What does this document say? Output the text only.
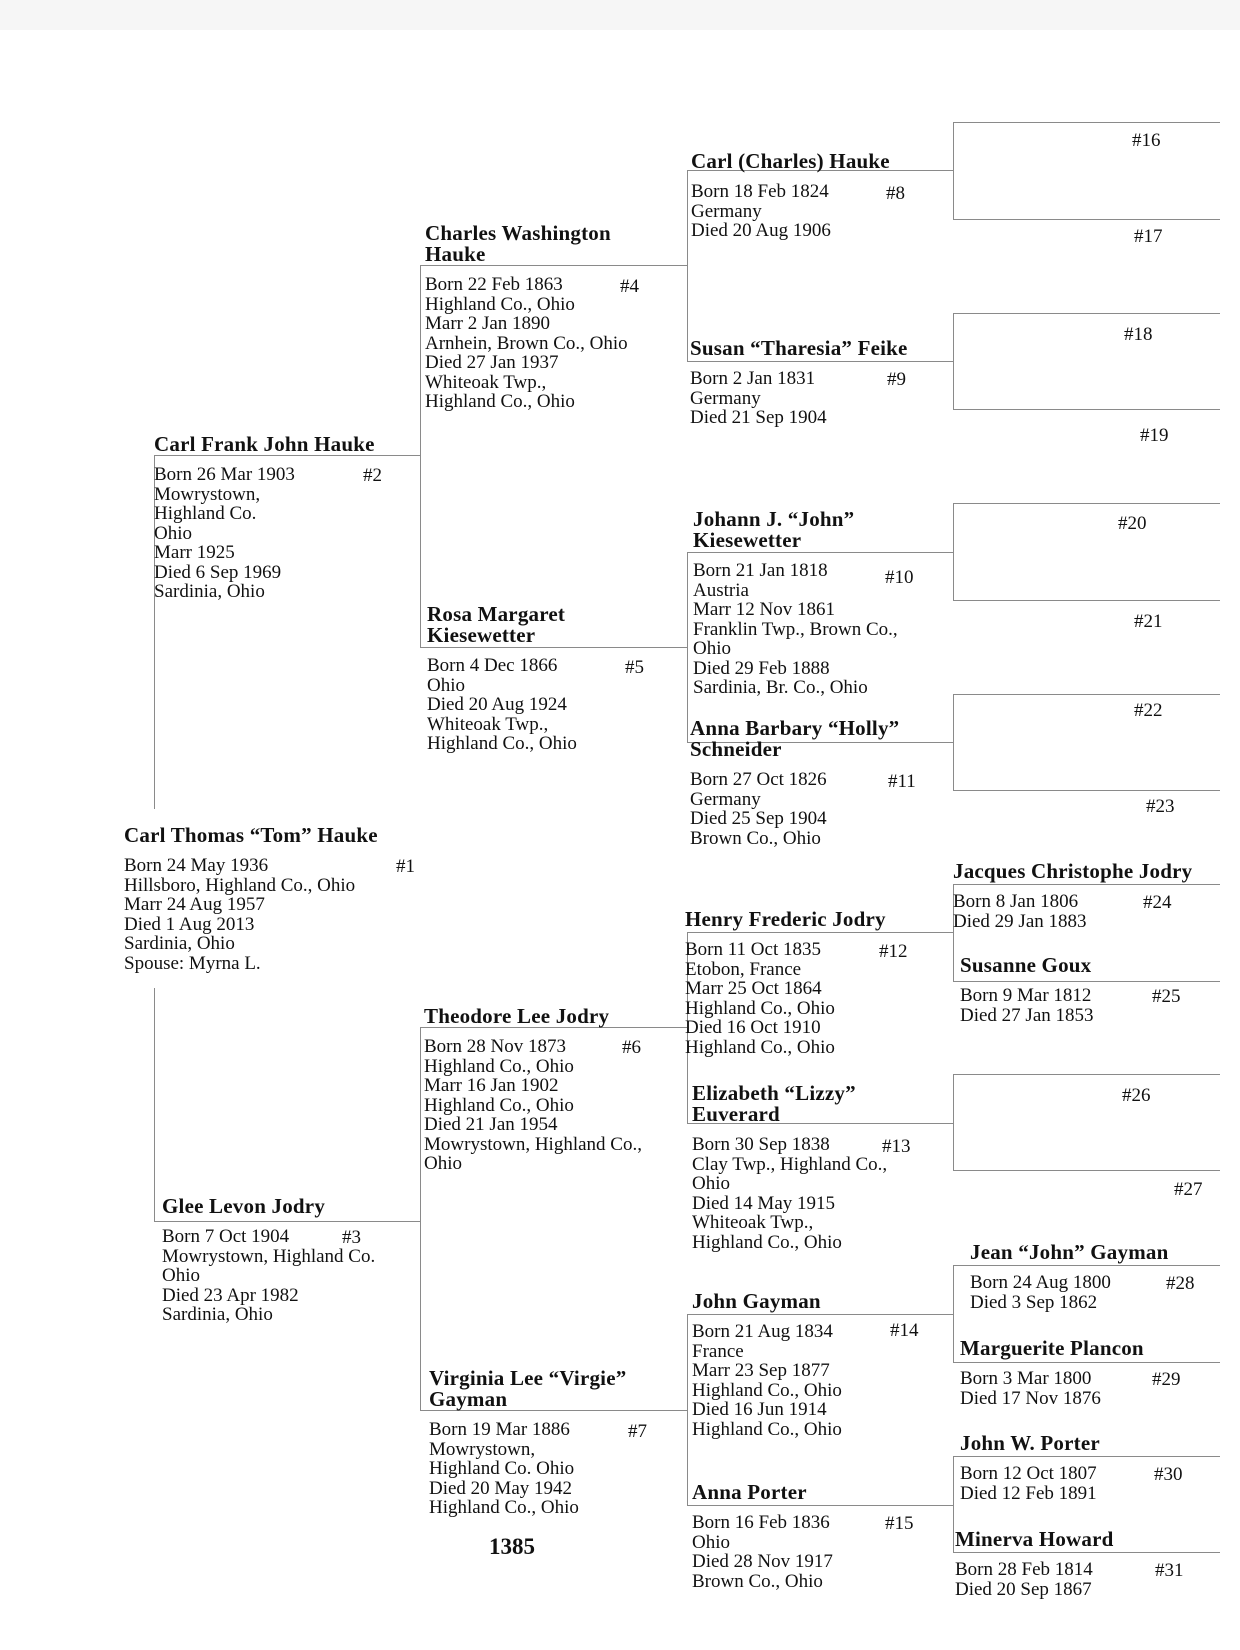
#16
#17
#18
#19
#20
#21
#22
#23
#26
#27
Carl Thomas “Tom” Hauke
Born 24 May 1936
Hillsboro, Highland Co., Ohio
Marr 24 Aug 1957
Died 1 Aug 2013
Sardinia, Ohio
Spouse: Myrna L.
#1
Carl Frank John Hauke
Born 26 Mar 1903
Mowrystown,
Highland Co.
Ohio
Marr 1925
Died 6 Sep 1969
Sardinia, Ohio
#2
Glee Levon Jodry
Born 7 Oct 1904
Mowrystown, Highland Co.
Ohio
Died 23 Apr 1982
Sardinia, Ohio
#3
Charles Washington
Hauke
Born 22 Feb 1863
Highland Co., Ohio
Marr 2 Jan 1890
Arnhein, Brown Co., Ohio
Died 27 Jan 1937
Whiteoak Twp.,
Highland Co., Ohio
#4
Rosa Margaret
Kiesewetter
Born 4 Dec 1866
Ohio
Died 20 Aug 1924
Whiteoak Twp.,
Highland Co., Ohio
#5
Theodore Lee Jodry
Born 28 Nov 1873
Highland Co., Ohio
Marr 16 Jan 1902
Highland Co., Ohio
Died 21 Jan 1954
Mowrystown, Highland Co.,
Ohio
#6
Virginia Lee “Virgie”
Gayman
Born 19 Mar 1886
Mowrystown,
Highland Co. Ohio
Died 20 May 1942
Highland Co., Ohio
#7
Carl (Charles) Hauke
Born 18 Feb 1824
Germany
Died 20 Aug 1906
#8
Susan “Tharesia” Feike
Born 2 Jan 1831
Germany
Died 21 Sep 1904
#9
Johann J. “John”
Kiesewetter
Born 21 Jan 1818
Austria
Marr 12 Nov 1861
Franklin Twp., Brown Co.,
Ohio
Died 29 Feb 1888
Sardinia, Br. Co., Ohio
#10
Anna Barbary “Holly”
Schneider
Born 27 Oct 1826
Germany
Died 25 Sep 1904
Brown Co., Ohio
#11
Henry Frederic Jodry
Born 11 Oct 1835
Etobon, France
Marr 25 Oct 1864
Highland Co., Ohio
Died 16 Oct 1910
Highland Co., Ohio
#12
Elizabeth “Lizzy”
Euverard
Born 30 Sep 1838
Clay Twp., Highland Co.,
Ohio
Died 14 May 1915
Whiteoak Twp.,
Highland Co., Ohio
#13
John Gayman
Born 21 Aug 1834
France
Marr 23 Sep 1877
Highland Co., Ohio
Died 16 Jun 1914
Highland Co., Ohio
#14
Anna Porter
Born 16 Feb 1836
Ohio
Died 28 Nov 1917
Brown Co., Ohio
#15
Jacques Christophe Jodry
Born 8 Jan 1806
Died 29 Jan 1883
#24
Susanne Goux
Born 9 Mar 1812
Died 27 Jan 1853
#25
Jean “John” Gayman
Born 24 Aug 1800
Died 3 Sep 1862
#28
Marguerite Plancon
Born 3 Mar 1800
Died 17 Nov 1876
#29
John W. Porter
Born 12 Oct 1807
Died 12 Feb 1891
#30
Minerva Howard
Born 28 Feb 1814
Died 20 Sep 1867
#31
1385
